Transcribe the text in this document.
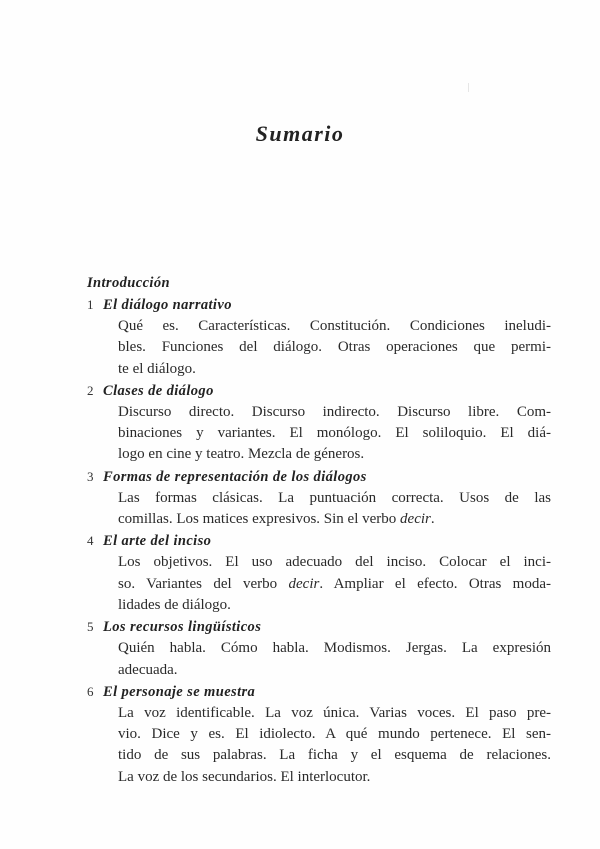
Sumario
Introducción
1 El diálogo narrativo
Qué es. Características. Constitución. Condiciones ineludi-
bles. Funciones del diálogo. Otras operaciones que permi-
te el diálogo.
2 Clases de diálogo
Discurso directo. Discurso indirecto. Discurso libre. Com-
binaciones y variantes. El monólogo. El soliloquio. El diá-
logo en cine y teatro. Mezcla de géneros.
3 Formas de representación de los diálogos
Las formas clásicas. La puntuación correcta. Usos de las
comillas. Los matices expresivos. Sin el verbo decir.
4 El arte del inciso
Los objetivos. El uso adecuado del inciso. Colocar el inci-
so. Variantes del verbo decir. Ampliar el efecto. Otras moda-
lidades de diálogo.
5 Los recursos lingüísticos
Quién habla. Cómo habla. Modismos. Jergas. La expresión
adecuada.
6 El personaje se muestra
La voz identificable. La voz única. Varias voces. El paso pre-
vio. Dice y es. El idiolecto. A qué mundo pertenece. El sen-
tido de sus palabras. La ficha y el esquema de relaciones.
La voz de los secundarios. El interlocutor.
